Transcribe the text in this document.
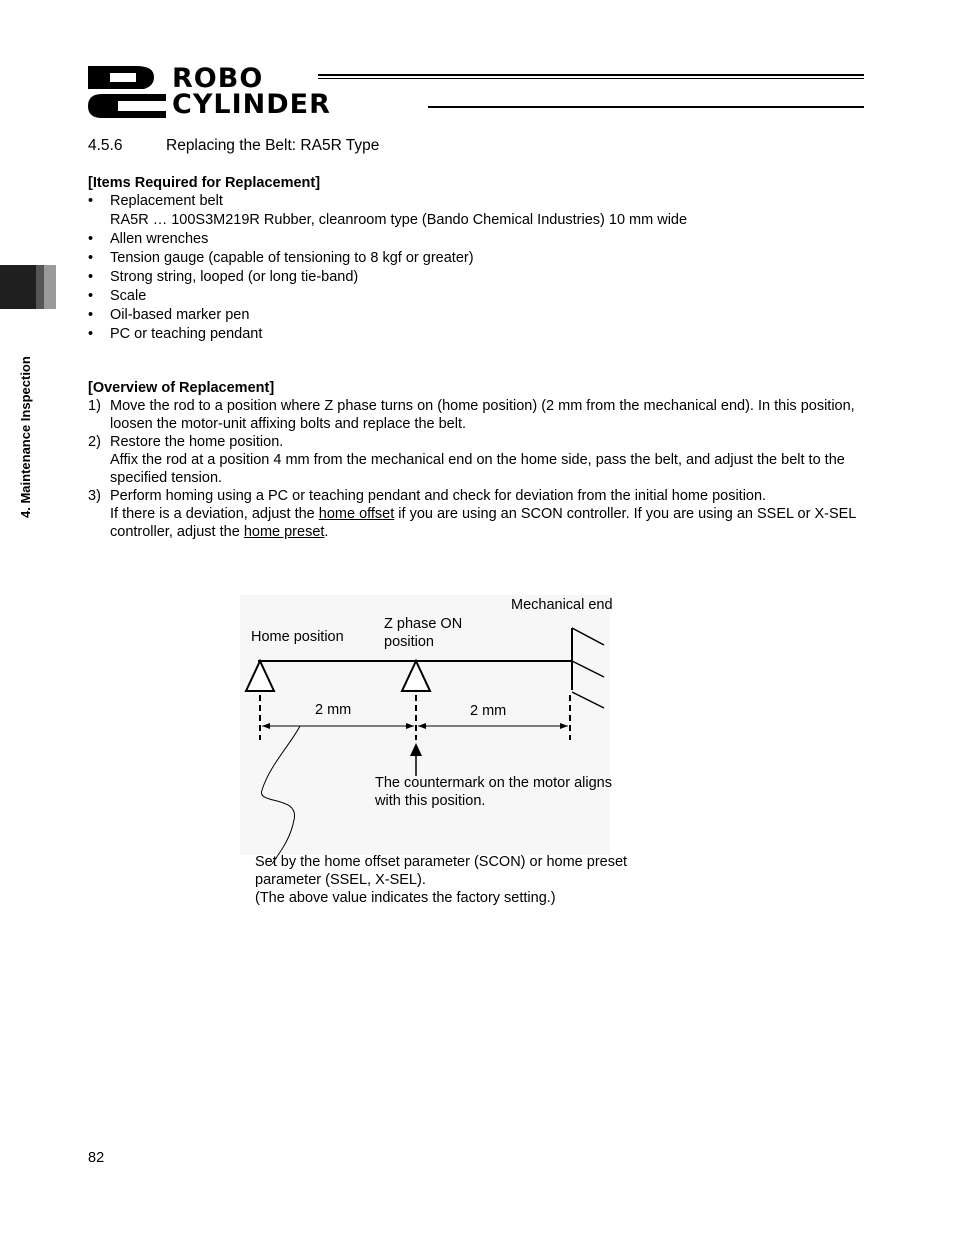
ROBO
CYLINDER
4. Maintenance Inspection
4.5.6	Replacing the Belt: RA5R Type
[Items Required for Replacement]
• Replacement belt
RA5R … 100S3M219R Rubber, cleanroom type (Bando Chemical Industries) 10 mm wide
• Allen wrenches
• Tension gauge (capable of tensioning to 8 kgf or greater)
• Strong string, looped (or long tie-band)
• Scale
• Oil-based marker pen
• PC or teaching pendant
[Overview of Replacement]
1) Move the rod to a position where Z phase turns on (home position) (2 mm from the mechanical end). In this position, loosen the motor-unit affixing bolts and replace the belt.
2) Restore the home position.
Affix the rod at a position 4 mm from the mechanical end on the home side, pass the belt, and adjust the belt to the specified tension.
3) Perform homing using a PC or teaching pendant and check for deviation from the initial home position.
If there is a deviation, adjust the home offset if you are using an SCON controller. If you are using an SSEL or X-SEL controller, adjust the home preset.
Mechanical end
Home position
Z phase ON
position
2 mm	2 mm
The countermark on the motor aligns
with this position.
Set by the home offset parameter (SCON) or home preset
parameter (SSEL, X-SEL).
(The above value indicates the factory setting.)
82
